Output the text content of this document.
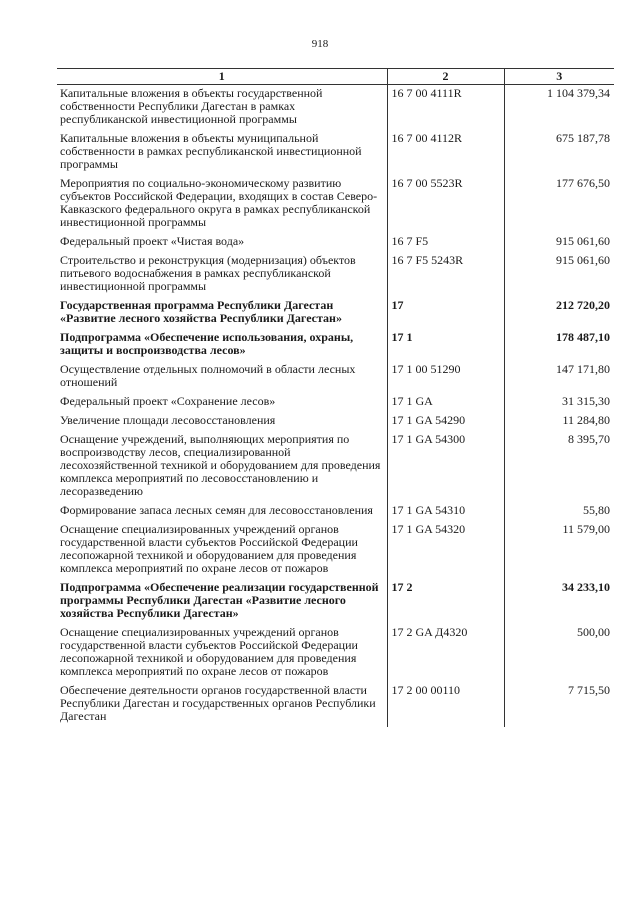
918
1	2	3
Капитальные вложения в объекты государственной собственности Республики Дагестан в рамках республиканской инвестиционной программы	16 7 00 4111R	1 104 379,34
Капитальные вложения в объекты муниципальной собственности в рамках республиканской инвестиционной программы	16 7 00 4112R	675 187,78
Мероприятия по социально-экономическому развитию субъектов Российской Федерации, входящих в состав Северо-Кавказского федерального округа в рамках республиканской инвестиционной программы	16 7 00 5523R	177 676,50
Федеральный проект «Чистая вода»	16 7 F5	915 061,60
Строительство и реконструкция (модернизация) объектов питьевого водоснабжения в рамках республиканской инвестиционной программы	16 7 F5 5243R	915 061,60
Государственная программа Республики Дагестан «Развитие лесного хозяйства Республики Дагестан»	17	212 720,20
Подпрограмма «Обеспечение использования, охраны, защиты и воспроизводства лесов»	17 1	178 487,10
Осуществление отдельных полномочий в области лесных отношений	17 1 00 51290	147 171,80
Федеральный проект «Сохранение лесов»	17 1 GA	31 315,30
Увеличение площади лесовосстановления	17 1 GA 54290	11 284,80
Оснащение учреждений, выполняющих мероприятия по воспроизводству лесов, специализированной лесохозяйственной техникой и оборудованием для проведения комплекса мероприятий по лесовосстановлению и лесоразведению	17 1 GA 54300	8 395,70
Формирование запаса лесных семян для лесовосстановления	17 1 GA 54310	55,80
Оснащение специализированных учреждений органов государственной власти субъектов Российской Федерации лесопожарной техникой и оборудованием для проведения комплекса мероприятий по охране лесов от пожаров	17 1 GA 54320	11 579,00
Подпрограмма «Обеспечение реализации государственной программы Республики Дагестан «Развитие лесного хозяйства Республики Дагестан»	17 2	34 233,10
Оснащение специализированных учреждений органов государственной власти субъектов Российской Федерации лесопожарной техникой и оборудованием для проведения комплекса мероприятий по охране лесов от пожаров	17 2 GA Д4320	500,00
Обеспечение деятельности органов государственной власти Республики Дагестан и государственных органов Республики Дагестан	17 2 00 00110	7 715,50
